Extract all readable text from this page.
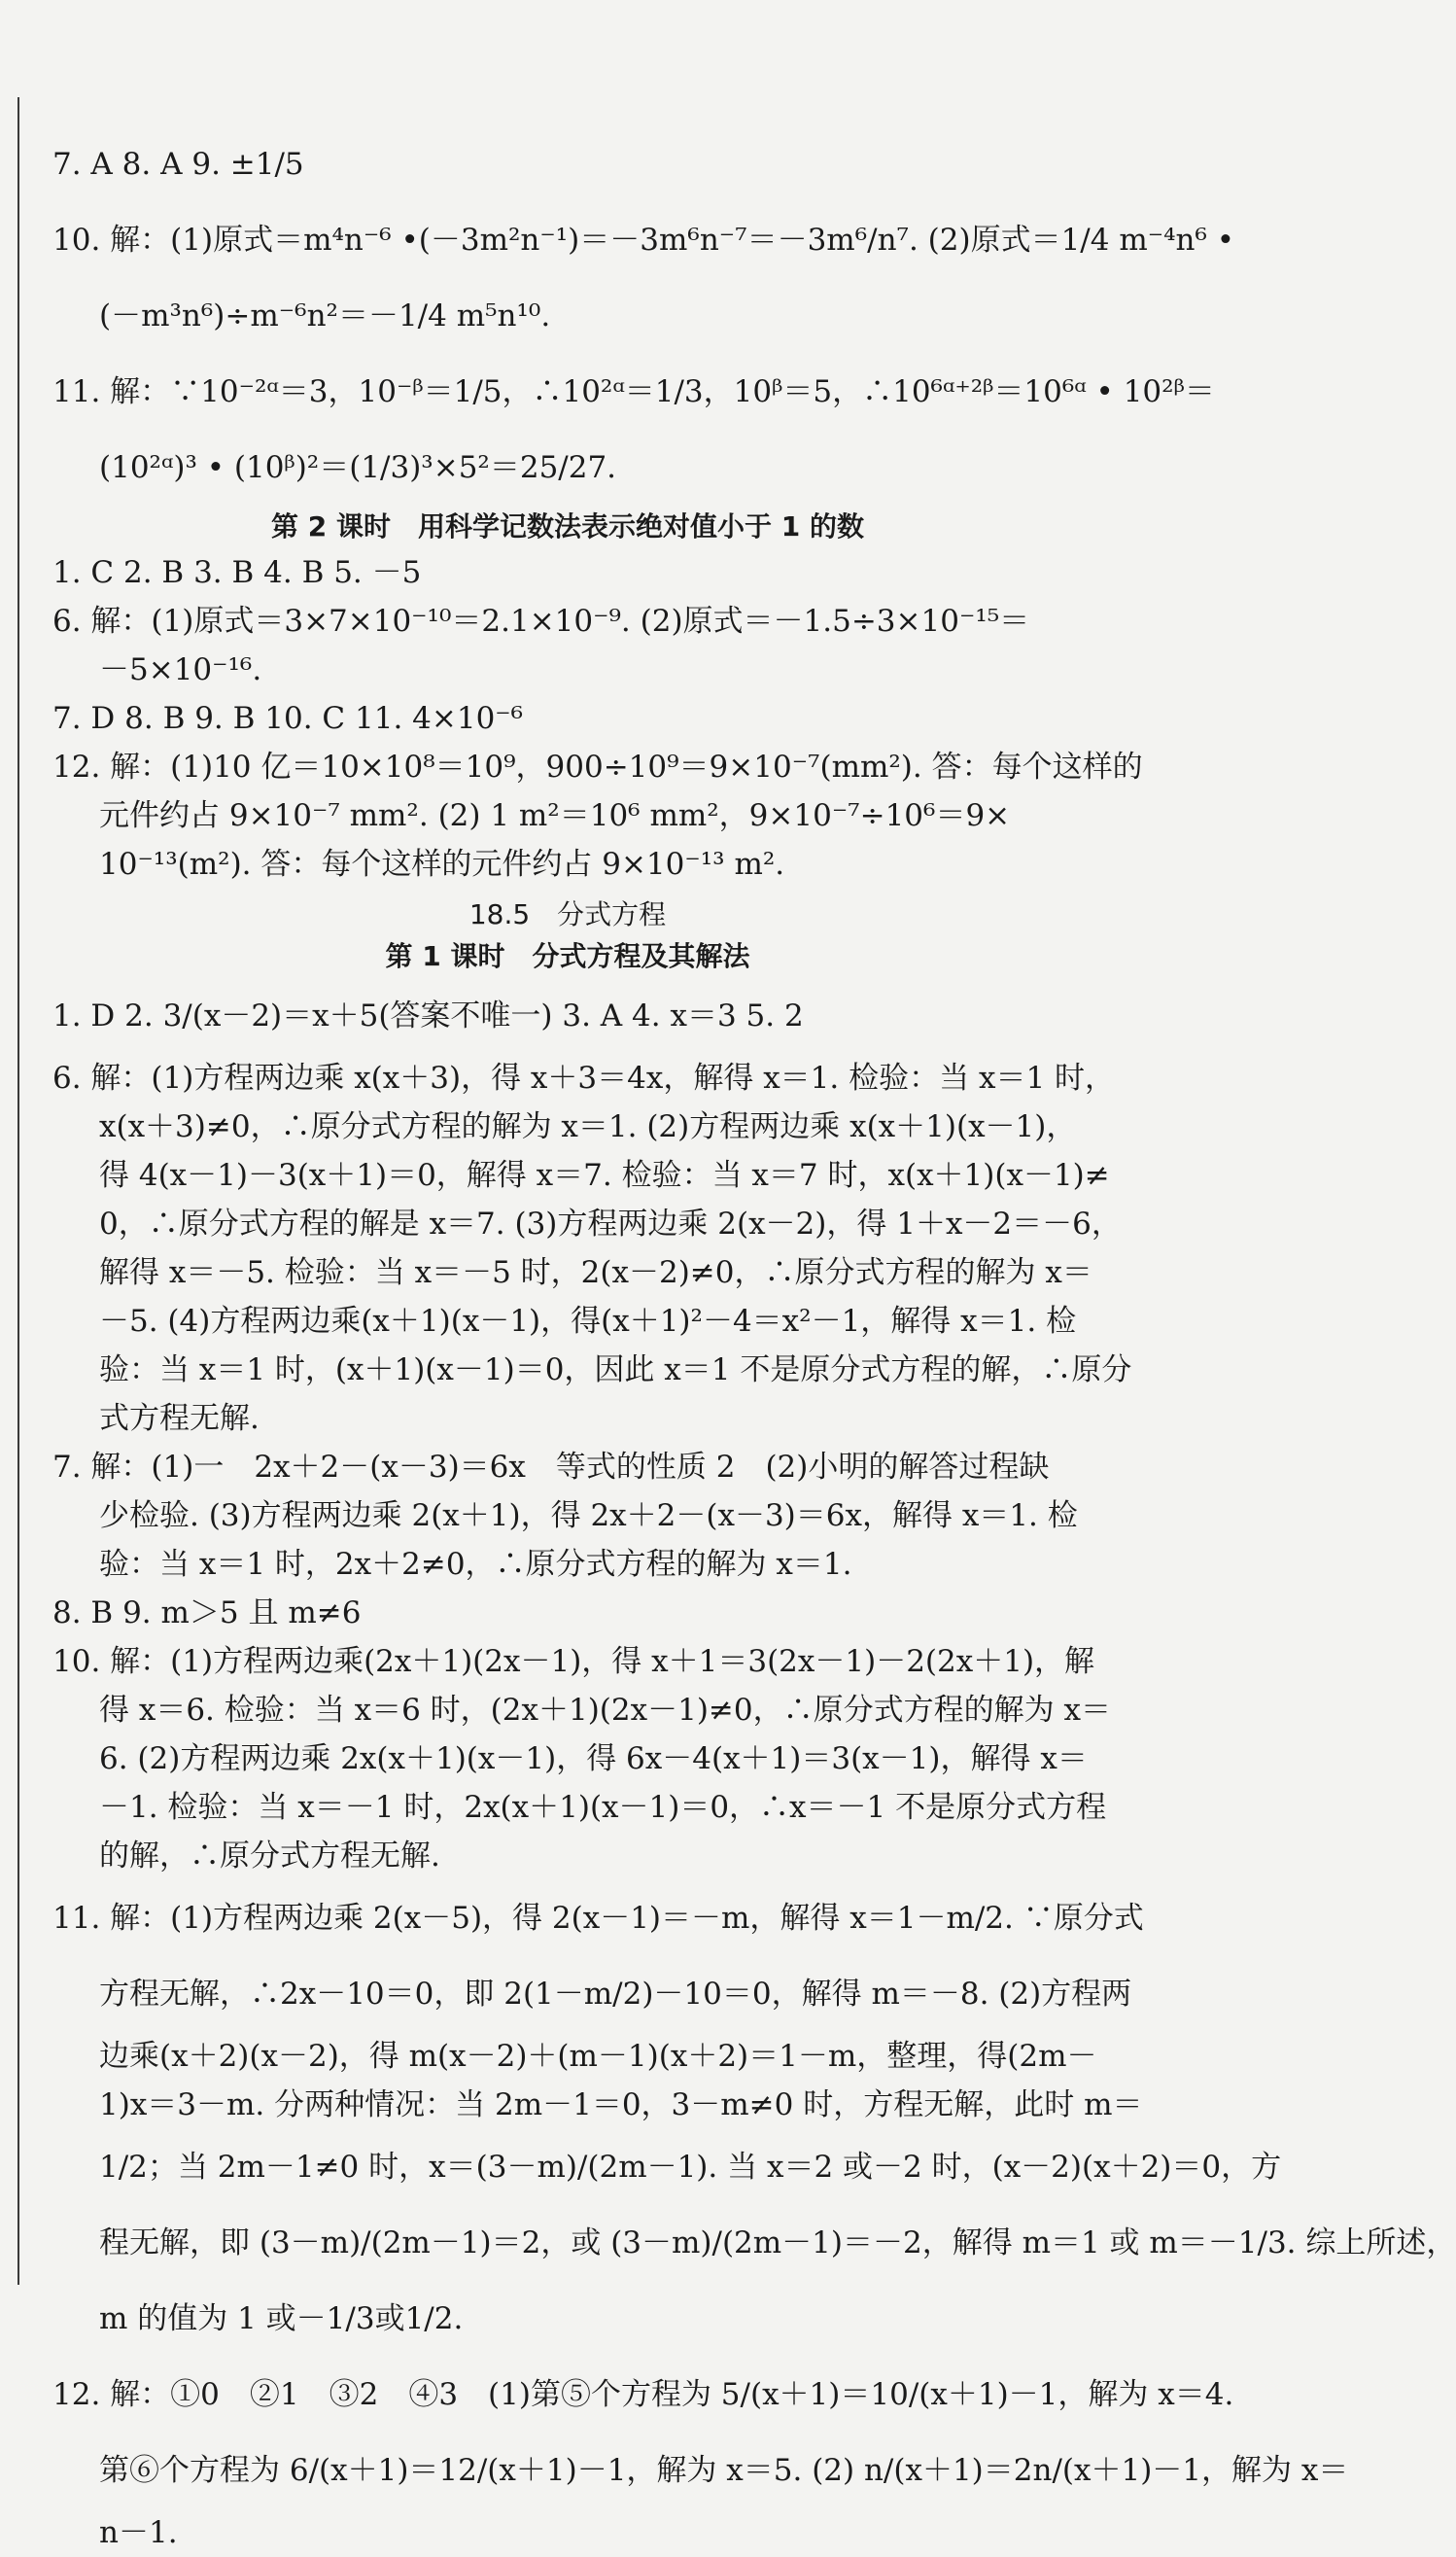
7. A 8. A 9. ±1/5

10. 解：(1)原式＝m⁴n⁻⁶ •(－3m²n⁻¹)＝－3m⁶n⁻⁷＝－3m⁶/n⁷. (2)原式＝1/4 m⁻⁴n⁶ •

(－m³n⁶)÷m⁻⁶n²＝－1/4 m⁵n¹⁰.

11. 解：∵10⁻²ᵅ＝3，10⁻ᵝ＝1/5，∴10²ᵅ＝1/3，10ᵝ＝5，∴10⁶ᵅ⁺²ᵝ＝10⁶ᵅ • 10²ᵝ＝

(10²ᵅ)³ • (10ᵝ)²＝(1/3)³×5²＝25/27.

第 2 课时　用科学记数法表示绝对值小于 1 的数

1. C 2. B 3. B 4. B 5. －5

6. 解：(1)原式＝3×7×10⁻¹⁰＝2.1×10⁻⁹. (2)原式＝－1.5÷3×10⁻¹⁵＝

－5×10⁻¹⁶.

7. D 8. B 9. B 10. C 11. 4×10⁻⁶

12. 解：(1)10 亿＝10×10⁸＝10⁹，900÷10⁹＝9×10⁻⁷(mm²). 答：每个这样的

元件约占 9×10⁻⁷ mm². (2) 1 m²＝10⁶ mm²，9×10⁻⁷÷10⁶＝9×

10⁻¹³(m²). 答：每个这样的元件约占 9×10⁻¹³ m².

18.5　分式方程

第 1 课时　分式方程及其解法

1. D 2. 3/(x－2)＝x＋5(答案不唯一) 3. A 4. x＝3 5. 2

6. 解：(1)方程两边乘 x(x＋3)，得 x＋3＝4x，解得 x＝1. 检验：当 x＝1 时，

x(x＋3)≠0，∴原分式方程的解为 x＝1. (2)方程两边乘 x(x＋1)(x－1)，

得 4(x－1)－3(x＋1)＝0，解得 x＝7. 检验：当 x＝7 时，x(x＋1)(x－1)≠

0，∴原分式方程的解是 x＝7. (3)方程两边乘 2(x－2)，得 1＋x－2＝－6，

解得 x＝－5. 检验：当 x＝－5 时，2(x－2)≠0，∴原分式方程的解为 x＝

－5. (4)方程两边乘(x＋1)(x－1)，得(x＋1)²－4＝x²－1，解得 x＝1. 检

验：当 x＝1 时，(x＋1)(x－1)＝0，因此 x＝1 不是原分式方程的解，∴原分

式方程无解.

7. 解：(1)一　2x＋2－(x－3)＝6x　等式的性质 2　(2)小明的解答过程缺

少检验. (3)方程两边乘 2(x＋1)，得 2x＋2－(x－3)＝6x，解得 x＝1. 检

验：当 x＝1 时，2x＋2≠0，∴原分式方程的解为 x＝1.

8. B 9. m＞5 且 m≠6

10. 解：(1)方程两边乘(2x＋1)(2x－1)，得 x＋1＝3(2x－1)－2(2x＋1)，解

得 x＝6. 检验：当 x＝6 时，(2x＋1)(2x－1)≠0，∴原分式方程的解为 x＝

6. (2)方程两边乘 2x(x＋1)(x－1)，得 6x－4(x＋1)＝3(x－1)，解得 x＝

－1. 检验：当 x＝－1 时，2x(x＋1)(x－1)＝0，∴x＝－1 不是原分式方程

的解，∴原分式方程无解.

11. 解：(1)方程两边乘 2(x－5)，得 2(x－1)＝－m，解得 x＝1－m/2. ∵原分式

方程无解，∴2x－10＝0，即 2(1－m/2)－10＝0，解得 m＝－8. (2)方程两

边乘(x＋2)(x－2)，得 m(x－2)＋(m－1)(x＋2)＝1－m，整理，得(2m－

1)x＝3－m. 分两种情况：当 2m－1＝0，3－m≠0 时，方程无解，此时 m＝

1/2；当 2m－1≠0 时，x＝(3－m)/(2m－1). 当 x＝2 或－2 时，(x－2)(x＋2)＝0，方

程无解，即 (3－m)/(2m－1)＝2，或 (3－m)/(2m－1)＝－2，解得 m＝1 或 m＝－1/3. 综上所述，

m 的值为 1 或－1/3或1/2.

12. 解：①0　②1　③2　④3　(1)第⑤个方程为 5/(x＋1)＝10/(x＋1)－1，解为 x＝4.

第⑥个方程为 6/(x＋1)＝12/(x＋1)－1，解为 x＝5. (2) n/(x＋1)＝2n/(x＋1)－1，解为 x＝

n－1.
